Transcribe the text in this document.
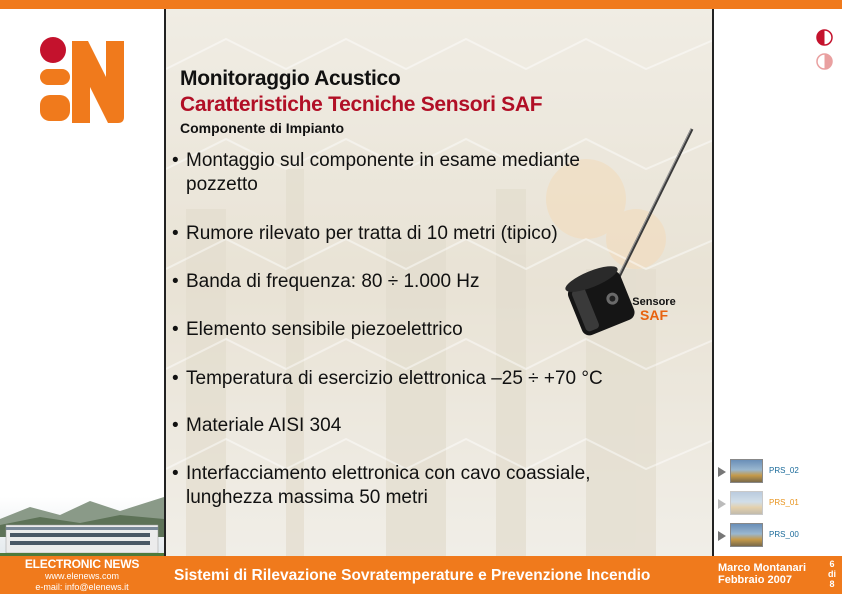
Monitoraggio Acustico
Caratteristiche Tecniche Sensori SAF
Componente di Impianto
• Montaggio sul componente in esame mediante
pozzetto
• Rumore rilevato per tratta di 10 metri (tipico)
• Banda di frequenza: 80 ÷ 1.000 Hz
• Elemento sensibile piezoelettrico
• Temperatura di esercizio elettronica –25 ÷ +70 °C
• Materiale AISI 304
• Interfacciamento elettronica con cavo coassiale,
lunghezza massima 50 metri
Sensore
SAF
PRS_02
PRS_01
PRS_00
ELECTRONIC NEWS
www.elenews.com
e-mail: info@elenews.it
Sistemi di Rilevazione Sovratemperature e Prevenzione Incendio	Marco Montanari
Febbraio 2007
6
di
8
